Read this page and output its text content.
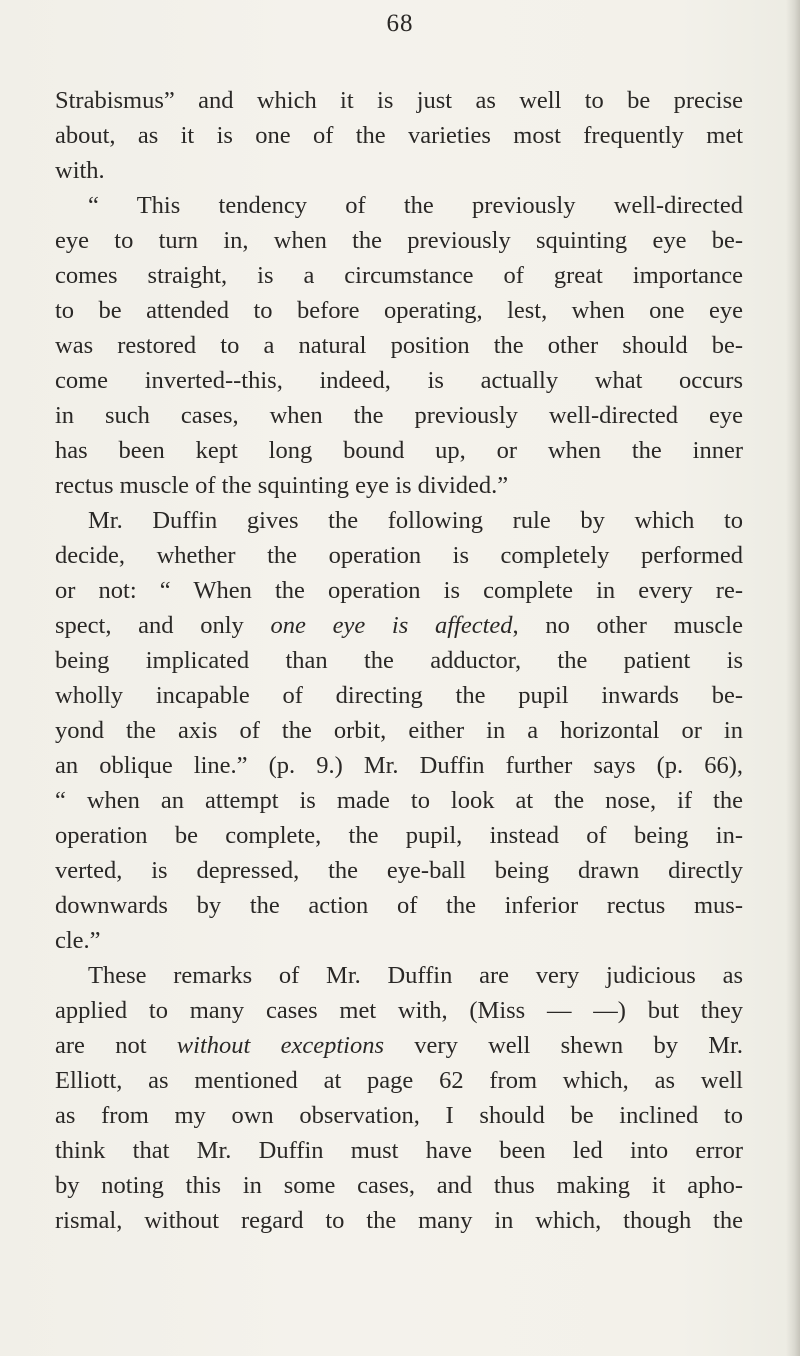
68
Strabismus” and which it is just as well to be precise
about, as it is one of the varieties most frequently met
with.
“ This tendency of the previously well-directed
eye to turn in, when the previously squinting eye be-
comes straight, is a circumstance of great importance
to be attended to before operating, lest, when one eye
was restored to a natural position the other should be-
come inverted--this, indeed, is actually what occurs
in such cases, when the previously well-directed eye
has been kept long bound up, or when the inner
rectus muscle of the squinting eye is divided.”
Mr. Duffin gives the following rule by which to
decide, whether the operation is completely performed
or not: “ When the operation is complete in every re-
spect, and only one eye is affected, no other muscle
being implicated than the adductor, the patient is
wholly incapable of directing the pupil inwards be-
yond the axis of the orbit, either in a horizontal or in
an oblique line.” (p. 9.) Mr. Duffin further says (p. 66),
“ when an attempt is made to look at the nose, if the
operation be complete, the pupil, instead of being in-
verted, is depressed, the eye-ball being drawn directly
downwards by the action of the inferior rectus mus-
cle.”
These remarks of Mr. Duffin are very judicious as
applied to many cases met with, (Miss — —) but they
are not without exceptions very well shewn by Mr.
Elliott, as mentioned at page 62 from which, as well
as from my own observation, I should be inclined to
think that Mr. Duffin must have been led into error
by noting this in some cases, and thus making it apho-
rismal, without regard to the many in which, though the
